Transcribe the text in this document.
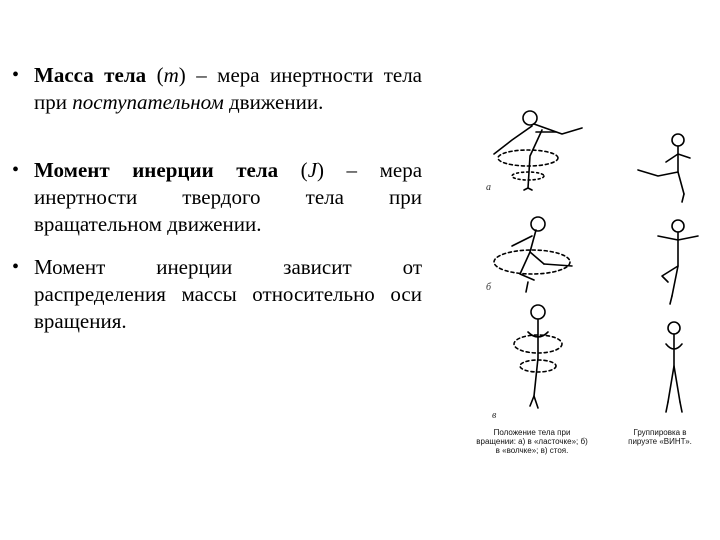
• Масса тела (m) – мера инертности тела при поступательном движении.
• Момент инерции тела (J) – мера инертности твердого тела при вращательном движении.
• Момент инерции зависит от распределения массы относительно оси вращения.
а
б
в
Положение тела при вращении: а) в «ласточке»; б) в «волчке»; в) стоя.
Группировка в пируэте «ВИНТ».
